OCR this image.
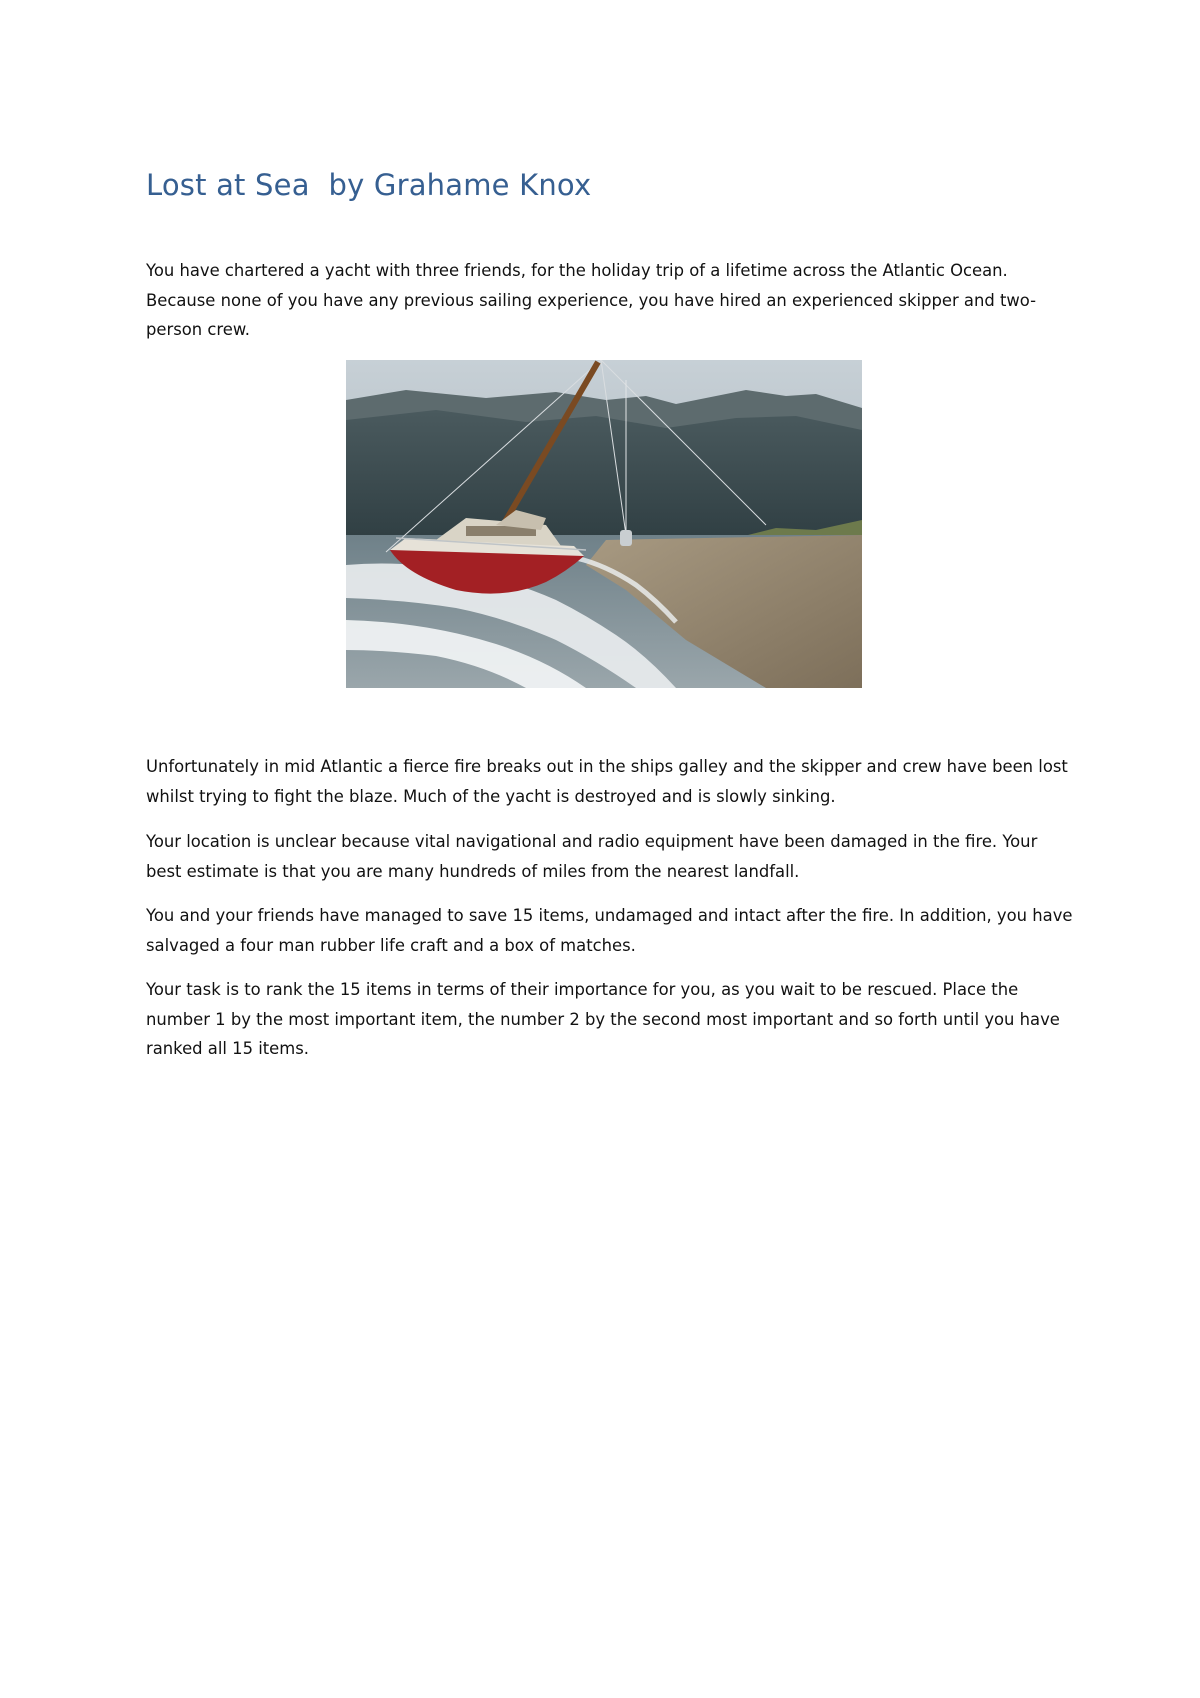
Lost at Sea  by Grahame Knox

You have chartered a yacht with three friends, for the holiday trip of a lifetime across the Atlantic Ocean. Because none of you have any previous sailing experience, you have hired an experienced skipper and two-person crew.

Unfortunately in mid Atlantic a fierce fire breaks out in the ships galley and the skipper and crew have been lost whilst trying to fight the blaze. Much of the yacht is destroyed and is slowly sinking.

Your location is unclear because vital navigational and radio equipment have been damaged in the fire. Your best estimate is that you are many hundreds of miles from the nearest landfall.

You and your friends have managed to save 15 items, undamaged and intact after the fire. In addition, you have salvaged a four man rubber life craft and a box of matches.

Your task is to rank the 15 items in terms of their importance for you, as you wait to be rescued. Place the number 1 by the most important item, the number 2 by the second most important and so forth until you have ranked all 15 items.
